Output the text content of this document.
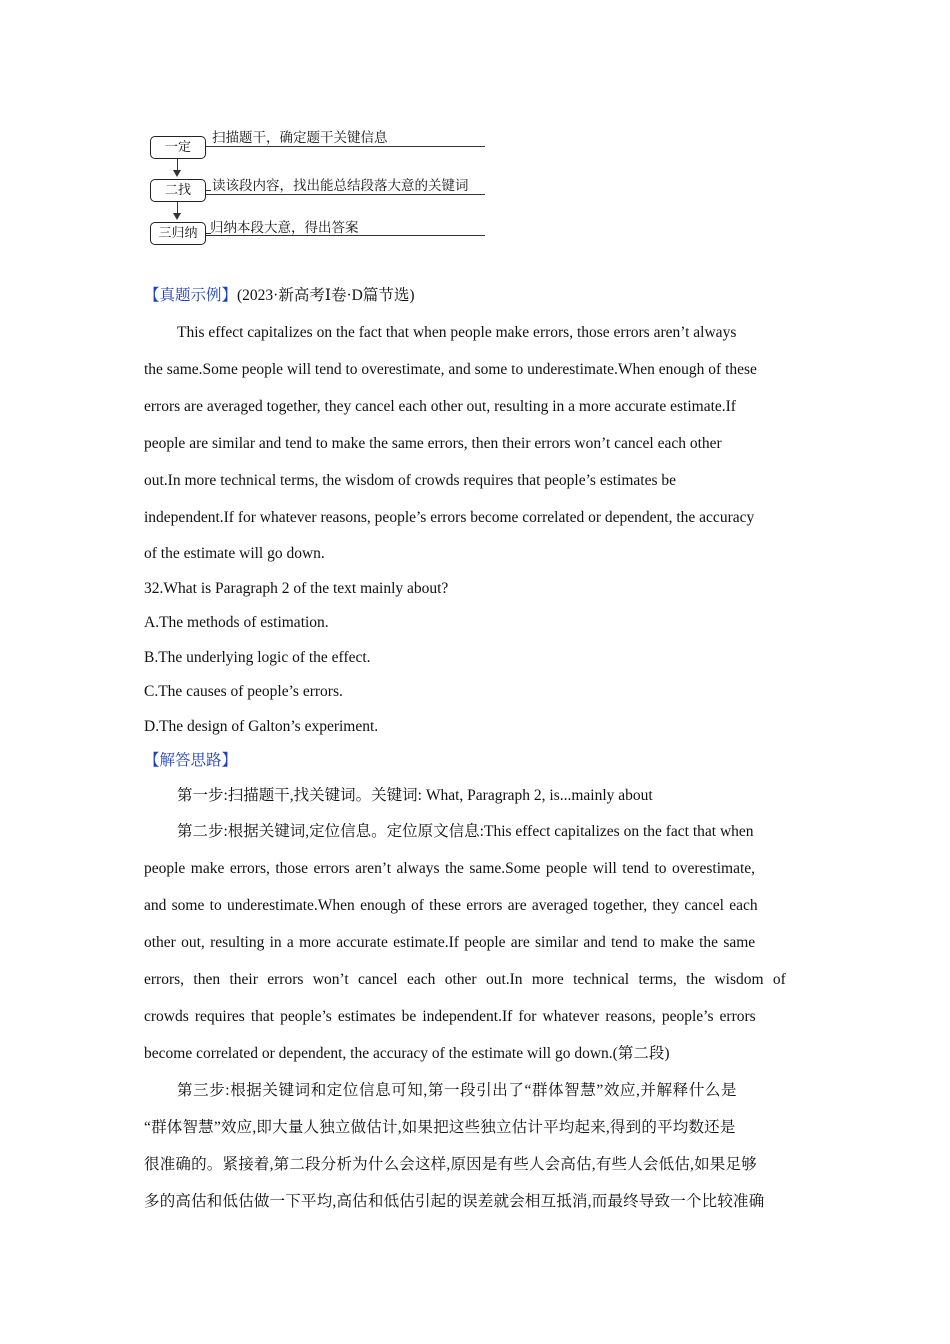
一定
扫描题干，确定题干关键信息
二找	读该段内容，找出能总结段落大意的关键词
三归纳 归纳本段大意，得出答案

【真题示例】(2023·新高考Ⅰ卷·D篇节选)

This effect capitalizes on the fact that when people make errors, those errors aren’t always

the same.Some people will tend to overestimate, and some to underestimate.When enough of these

errors are averaged together, they cancel each other out, resulting in a more accurate estimate.If

people are similar and tend to make the same errors, then their errors won’t cancel each other

out.In more technical terms, the wisdom of crowds requires that people’s estimates be

independent.If for whatever reasons, people’s errors become correlated or dependent, the accuracy

of the estimate will go down.

32.What is Paragraph 2 of the text mainly about?

A.The methods of estimation.

B.The underlying logic of the effect.

C.The causes of people’s errors.

D.The design of Galton’s experiment.

【解答思路】

第一步:扫描题干,找关键词。关键词: What, Paragraph 2, is...mainly about

第二步:根据关键词,定位信息。定位原文信息:This effect capitalizes on the fact that when

people make errors, those errors aren’t always the same.Some people will tend to overestimate,

and some to underestimate.When enough of these errors are averaged together, they cancel each

other out, resulting in a more accurate estimate.If people are similar and tend to make the same

errors, then their errors won’t cancel each other out.In more technical terms, the wisdom of

crowds requires that people’s estimates be independent.If for whatever reasons, people’s errors

become correlated or dependent, the accuracy of the estimate will go down.(第二段)

第三步:根据关键词和定位信息可知,第一段引出了“群体智慧”效应,并解释什么是

“群体智慧”效应,即大量人独立做估计,如果把这些独立估计平均起来,得到的平均数还是

很准确的。紧接着,第二段分析为什么会这样,原因是有些人会高估,有些人会低估,如果足够

多的高估和低估做一下平均,高估和低估引起的误差就会相互抵消,而最终导致一个比较准确
